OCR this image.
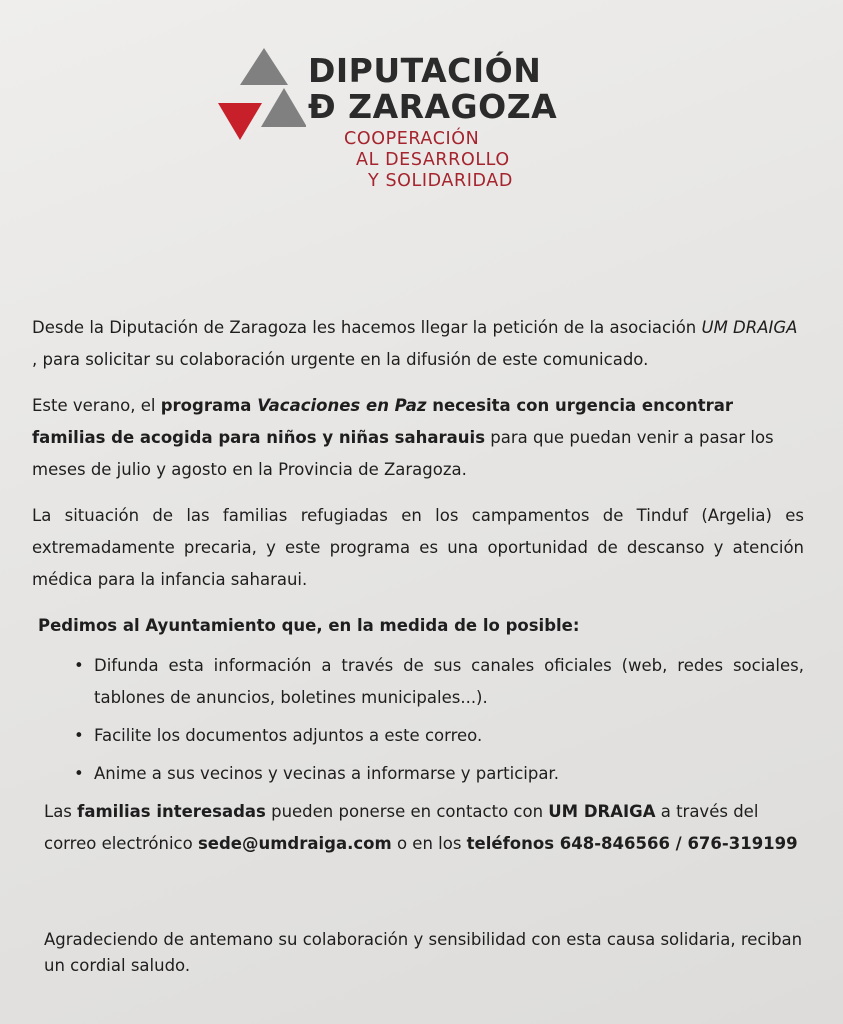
DIPUTACIÓN
Đ ZARAGOZA
COOPERACIÓN
AL DESARROLLO
Y SOLIDARIDAD

Desde la Diputación de Zaragoza les hacemos llegar la petición de la asociación UM DRAIGA
, para solicitar su colaboración urgente en la difusión de este comunicado.

Este verano, el programa Vacaciones en Paz necesita con urgencia encontrar familias de acogida para niños y niñas saharauis para que puedan venir a pasar los meses de julio y agosto en la Provincia de Zaragoza.

La situación de las familias refugiadas en los campamentos de Tinduf (Argelia) es extremadamente precaria, y este programa es una oportunidad de descanso y atención médica para la infancia saharaui.

Pedimos al Ayuntamiento que, en la medida de lo posible:
• Difunda esta información a través de sus canales oficiales (web, redes sociales, tablones de anuncios, boletines municipales...).
• Facilite los documentos adjuntos a este correo.
• Anime a sus vecinos y vecinas a informarse y participar.

Las familias interesadas pueden ponerse en contacto con UM DRAIGA a través del correo electrónico sede@umdraiga.com o en los teléfonos 648-846566 / 676-319199

Agradeciendo de antemano su colaboración y sensibilidad con esta causa solidaria, reciban un cordial saludo.
